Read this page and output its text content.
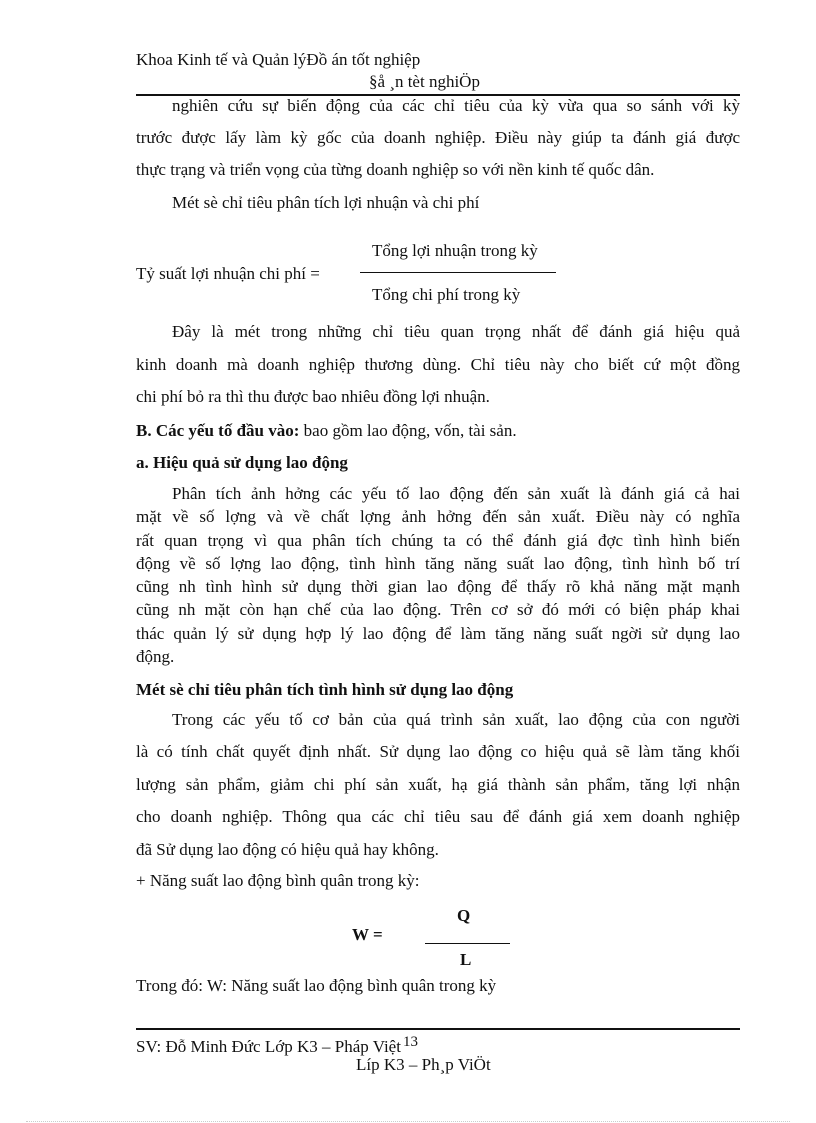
Khoa Kinh tế và Quản lýĐồ án tốt nghiệp
§å ¸n tèt nghiÖp
nghiên cứu sự biến động của các chỉ tiêu của kỳ vừa qua so sánh với kỳ
trước được lấy làm kỳ gốc của doanh nghiệp. Điều này giúp ta đánh giá được
thực trạng và triển vọng của từng doanh nghiệp so với nền kinh tế quốc dân.
Mét sè chỉ tiêu phân tích lợi nhuận và chi phí
Tổng lợi nhuận trong kỳ
Tỷ suất lợi nhuận chi phí =
Tổng chi phí trong kỳ
Đây là mét trong những chỉ tiêu quan trọng nhất để đánh giá hiệu quả
kinh doanh mà doanh nghiệp thương dùng. Chỉ tiêu này cho biết cứ một đồng
chi phí bỏ ra thì thu được bao nhiêu đồng lợi nhuận.
B. Các yếu tố đầu vào: bao gồm lao động, vốn, tài sản.
a. Hiệu quả sử dụng lao động
Phân tích ảnh hởng các yếu tố lao động đến sản xuất là đánh giá cả hai
mặt về số lợng và về chất lợng ảnh hởng đến sản xuất. Điều này có nghĩa
rất quan trọng vì qua phân tích chúng ta có thể đánh giá đợc tình hình biến
động về số lợng lao động, tình hình tăng năng suất lao động, tình hình bố trí
cũng nh tình hình sử dụng thời gian lao động để thấy rõ khả năng mặt mạnh
cũng nh mặt còn hạn chế của lao động. Trên cơ sở đó mới có biện pháp khai
thác quản lý sử dụng hợp lý lao động để làm tăng năng suất ngời sử dụng lao
động.
Mét sè chỉ tiêu phân tích tình hình sử dụng lao động
Trong các yếu tố cơ bản của quá trình sản xuất, lao động của con người
là có tính chất quyết định nhất. Sử dụng lao động co hiệu quả sẽ làm tăng khối
lượng sản phẩm, giảm chi phí sản xuất, hạ giá thành sản phẩm, tăng lợi nhận
cho doanh nghiệp. Thông qua các chỉ tiêu sau để đánh giá xem doanh nghiệp
đã Sử dụng lao động có hiệu quả hay không.
+ Năng suất lao động bình quân trong kỳ:
Q
W =
L
Trong đó: W: Năng suất lao động bình quân trong kỳ
SV: Đỗ Minh Đức Lớp K3 – Pháp Việt 13
Líp K3 – Ph¸p ViÖt
